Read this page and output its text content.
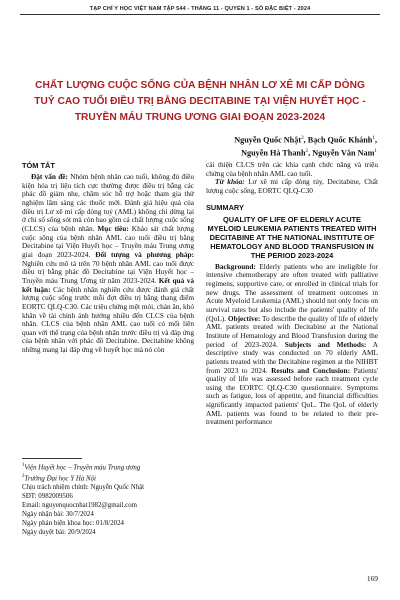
TẠP CHÍ Y HỌC VIỆT NAM TẬP 544 - THÁNG 11 - QUYỂN 1 - SỐ ĐẶC BIỆT - 2024
CHẤT LƯỢNG CUỘC SỐNG CỦA BỆNH NHÂN LƠ XÊ MI CẤP DÒNG TUỶ CAO TUỔI ĐIỀU TRỊ BẰNG DECITABINE TẠI VIỆN HUYẾT HỌC - TRUYỀN MÁU TRUNG ƯƠNG GIAI ĐOẠN 2023-2024
Nguyễn Quốc Nhật$^2$, Bạch Quốc Khánh$^1$,
Nguyễn Hà Thanh$^2$, Nguyễn Văn Nam$^1$
TÓM TẮT

Đặt vấn đề: Nhóm bệnh nhân cao tuổi, không đủ điều kiện hóa trị liệu tích cực thường được điều trị bằng các phác đồ giảm nhẹ, chăm sóc hỗ trợ hoặc tham gia thử nghiệm lâm sàng các thuốc mới. Đánh giá hiệu quả của điều trị Lơ xê mi cấp dòng tuỷ (AML) không chỉ dừng lại ở chỉ số sống sót mà còn bao gồm cả chất lượng cuộc sống (CLCS) của bệnh nhân. Mục tiêu: Khảo sát chất lượng cuộc sống của bệnh nhân AML cao tuổi điều trị bằng Decitabine tại Viện Huyết học – Truyền máu Trung ương giai đoạn 2023-2024. Đối tượng và phương pháp: Nghiên cứu mô tả trên 70 bệnh nhân AML cao tuổi được điều trị bằng phác đồ Decitabine tại Viện Huyết học – Truyền máu Trung Ương từ năm 2023-2024. Kết quả và kết luận: Các bệnh nhân nghiên cứu được đánh giá chất lượng cuộc sống trước mỗi đợt điều trị bằng thang điểm EORTC QLQ-C30. Các triệu chứng mệt mỏi, chán ăn, khó khăn về tài chính ảnh hưởng nhiều đến CLCS của bệnh nhân. CLCS của bệnh nhân AML cao tuổi có mối liên quan với thể trạng của bệnh nhân trước điều trị và đáp ứng của bệnh nhân với phác đồ Decitabine. Decitabine không những mang lại đáp ứng về huyết học mà nó còn

$^1$Viện Huyết học – Truyền máu Trung ương
$^2$Trường Đại học Y Hà Nội
Chịu trách nhiệm chính: Nguyễn Quốc Nhật
SĐT: 0982009506
Email: nguyenquocnhat1982@gmail.com
Ngày nhận bài: 30/7/2024
Ngày phản biện khoa học: 01/8/2024
Ngày duyệt bài: 20/9/2024

cải thiện CLCS trên các khía cạnh chức năng và triệu chứng của bệnh nhân AML cao tuổi.

Từ khóa: Lơ xê mi cấp dòng tủy, Decitabine, Chất lượng cuộc sống, EORTC QLQ-C30

SUMMARY
QUALITY OF LIFE OF ELDERLY ACUTE MYELOID LEUKEMIA PATIENTS TREATED WITH DECITABINE AT THE NATIONAL INSTITUTE OF HEMATOLOGY AND BLOOD TRANSFUSION IN THE PERIOD 2023-2024

Background: Elderly patients who are ineligible for intensive chemotherapy are often treated with palliative regimens, supportive care, or enrolled in clinical trials for new drugs. The assessment of treatment outcomes in Acute Myeloid Leukemia (AML) should not only focus on survival rates but also include the patients' quality of life (QoL). Objective: To describe the quality of life of elderly AML patients treated with Decitabine at the National Institute of Hematology and Blood Transfusion during the period of 2023-2024. Subjects and Methods: A descriptive study was conducted on 70 elderly AML patients treated with the Decitabine regimen at the NIHBT from 2023 to 2024. Results and Conclusion: Patients' quality of life was assessed before each treatment cycle using the EORTC QLQ-C30 questionnaire. Symptoms such as fatigue, loss of appetite, and financial difficulties significantly impacted patients' QoL. The QoL of elderly AML patients was found to be related to their pre-treatment performance

169
